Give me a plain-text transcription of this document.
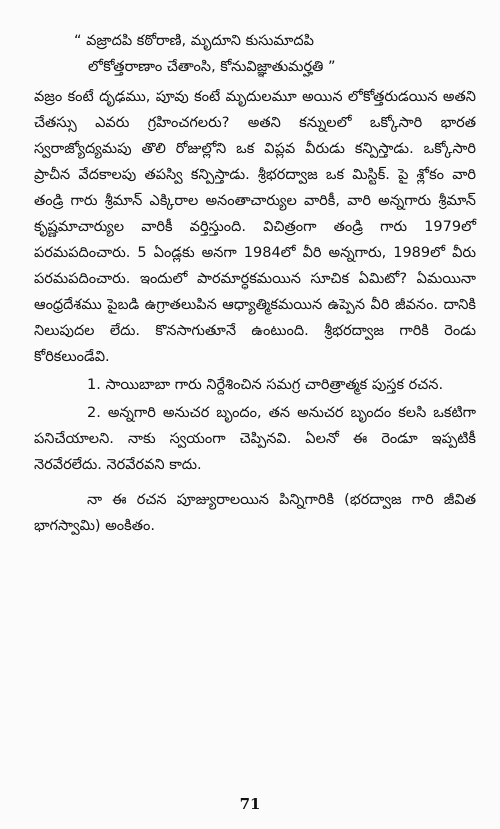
“ వజ్రాదపి కఠోరాణి, మృదూని కుసుమాదపి
లోకోత్తరాణాం చేతాంసి, కోనువిజ్ఞాతుమర్హతి ”
వజ్రం కంటే దృఢము, పూవు కంటే మృదులమూ అయిన లోకోత్తరుడయిన అతని చేతస్సు ఎవరు గ్రహించగలరు? అతని కన్నులలో ఒక్కోసారి భారత స్వరాజ్యోద్యమపు తొలి రోజుల్లోని ఒక విప్లవ వీరుడు కన్పిస్తాడు. ఒక్కోసారి ప్రాచీన వేదకాలపు తపస్వి కన్పిస్తాడు. శ్రీభరద్వాజ ఒక మిస్టిక్. పై శ్లోకం వారి తండ్రి గారు శ్రీమాన్ ఎక్కిరాల అనంతాచార్యుల వారికీ, వారి అన్నగారు శ్రీమాన్ కృష్ణమాచార్యుల వారికీ వర్తిస్తుంది. విచిత్రంగా తండ్రి గారు 1979లో పరమపదించారు. 5 ఏండ్లకు అనగా 1984లో వీరి అన్నగారు, 1989లో వీరు పరమపదించారు. ఇందులో పారమార్ధకమయిన సూచిక ఏమిటో? ఏమయినా ఆంధ్రదేశము పైబడి ఉగ్రాతలుపిన ఆధ్యాత్మికమయిన ఉప్పెన వీరి జీవనం. దానికి నిలుపుదల లేదు. కొనసాగుతూనే ఉంటుంది. శ్రీభరద్వాజ గారికి రెండు కోరికలుండేవి.
1. సాయిబాబా గారు నిర్దేశించిన సమగ్ర చారిత్రాత్మక పుస్తక రచన.
2. అన్నగారి అనుచర బృందం, తన అనుచర బృందం కలసి ఒకటిగా పనిచేయాలని. నాకు స్వయంగా చెప్పినవి. ఏలనో ఈ రెండూ ఇప్పటికీ నెరవేరలేదు. నెరవేరవని కాదు.
నా ఈ రచన పూజ్యురాలయిన పిన్నిగారికి (భరద్వాజ గారి జీవిత భాగస్వామి) అంకితం.
71
